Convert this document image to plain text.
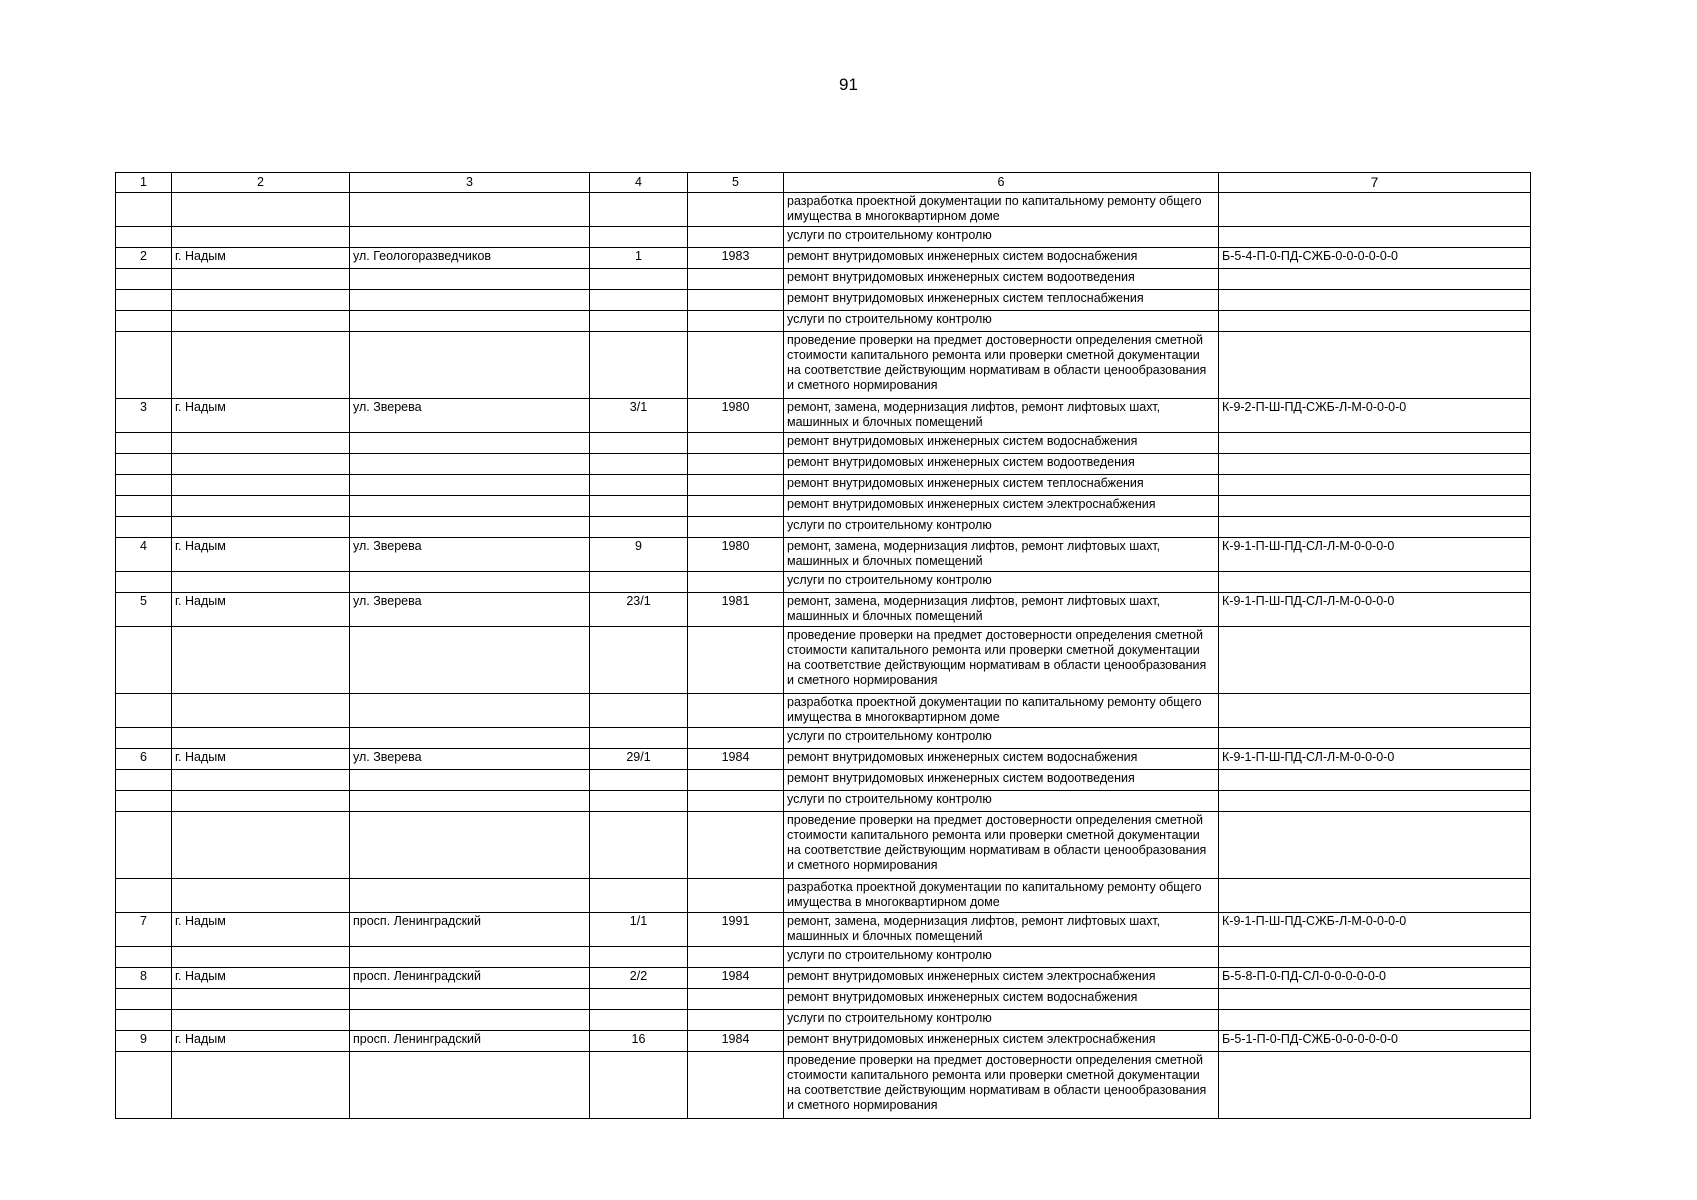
91
1	2	3	4	5	6	7
					разработка проектной документации по капитальному ремонту общего имущества в многоквартирном доме	
					услуги по строительному контролю	
2	г. Надым	ул. Геологоразведчиков	1	1983	ремонт внутридомовых инженерных систем водоснабжения	Б-5-4-П-0-ПД-СЖБ-0-0-0-0-0-0
					ремонт внутридомовых инженерных систем водоотведения	
					ремонт внутридомовых инженерных систем теплоснабжения	
					услуги по строительному контролю	
					проведение проверки на предмет достоверности определения сметной стоимости капитального ремонта или проверки сметной документации на соответствие действующим нормативам в области ценообразования и сметного нормирования	
3	г. Надым	ул. Зверева	3/1	1980	ремонт, замена, модернизация лифтов, ремонт лифтовых шахт, машинных и блочных помещений	К-9-2-П-Ш-ПД-СЖБ-Л-М-0-0-0-0
					ремонт внутридомовых инженерных систем водоснабжения	
					ремонт внутридомовых инженерных систем водоотведения	
					ремонт внутридомовых инженерных систем теплоснабжения	
					ремонт внутридомовых инженерных систем электроснабжения	
					услуги по строительному контролю	
4	г. Надым	ул. Зверева	9	1980	ремонт, замена, модернизация лифтов, ремонт лифтовых шахт, машинных и блочных помещений	К-9-1-П-Ш-ПД-СЛ-Л-М-0-0-0-0
					услуги по строительному контролю	
5	г. Надым	ул. Зверева	23/1	1981	ремонт, замена, модернизация лифтов, ремонт лифтовых шахт, машинных и блочных помещений	К-9-1-П-Ш-ПД-СЛ-Л-М-0-0-0-0
					проведение проверки на предмет достоверности определения сметной стоимости капитального ремонта или проверки сметной документации на соответствие действующим нормативам в области ценообразования и сметного нормирования	
					разработка проектной документации по капитальному ремонту общего имущества в многоквартирном доме	
					услуги по строительному контролю	
6	г. Надым	ул. Зверева	29/1	1984	ремонт внутридомовых инженерных систем водоснабжения	К-9-1-П-Ш-ПД-СЛ-Л-М-0-0-0-0
					ремонт внутридомовых инженерных систем водоотведения	
					услуги по строительному контролю	
					проведение проверки на предмет достоверности определения сметной стоимости капитального ремонта или проверки сметной документации на соответствие действующим нормативам в области ценообразования и сметного нормирования	
					разработка проектной документации по капитальному ремонту общего имущества в многоквартирном доме	
7	г. Надым	просп. Ленинградский	1/1	1991	ремонт, замена, модернизация лифтов, ремонт лифтовых шахт, машинных и блочных помещений	К-9-1-П-Ш-ПД-СЖБ-Л-М-0-0-0-0
					услуги по строительному контролю	
8	г. Надым	просп. Ленинградский	2/2	1984	ремонт внутридомовых инженерных систем электроснабжения	Б-5-8-П-0-ПД-СЛ-0-0-0-0-0-0
					ремонт внутридомовых инженерных систем водоснабжения	
					услуги по строительному контролю	
9	г. Надым	просп. Ленинградский	16	1984	ремонт внутридомовых инженерных систем электроснабжения	Б-5-1-П-0-ПД-СЖБ-0-0-0-0-0-0
					проведение проверки на предмет достоверности определения сметной стоимости капитального ремонта или проверки сметной документации на соответствие действующим нормативам в области ценообразования и сметного нормирования	
